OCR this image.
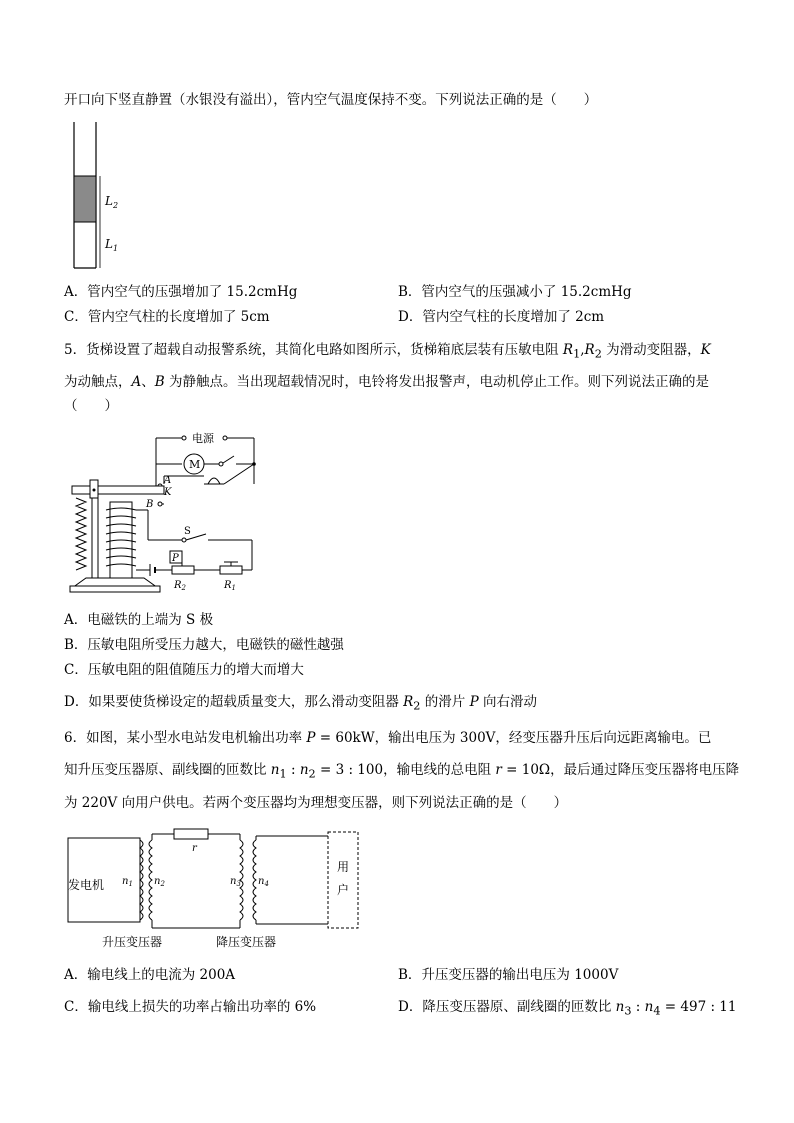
开口向下竖直静置（水银没有溢出），管内空气温度保持不变。下列说法正确的是（　　）
$L_2$
$L_1$
A．管内空气的压强增加了 15.2cmHg	B．管内空气的压强减小了 15.2cmHg
C．管内空气柱的长度增加了 5cm	D．管内空气柱的长度增加了 2cm
5．货梯设置了超载自动报警系统，其简化电路如图所示，货梯箱底层装有压敏电阻 $R_1,R_2$ 为滑动变阻器，K
为动触点，A、B 为静触点。当出现超载情况时，电铃将发出报警声，电动机停止工作。则下列说法正确的是
（　　）
电源
M
A
K
B
S
P
$R_2$	$R_1$
A．电磁铁的上端为 S 极
B．压敏电阻所受压力越大，电磁铁的磁性越强
C．压敏电阻的阻值随压力的增大而增大
D．如果要使货梯设定的超载质量变大，那么滑动变阻器 $R_2$ 的滑片 P 向右滑动
6．如图，某小型水电站发电机输出功率 P = 60kW，输出电压为 300V，经变压器升压后向远距离输电。已
知升压变压器原、副线圈的匝数比 $n_1$ : $n_2 = 3$ : 100，输电线的总电阻 r = 10Ω，最后通过降压变压器将电压降
为 220V 向用户供电。若两个变压器均为理想变压器，则下列说法正确的是（　　）
发电机 $n_1$ $n_2$
r
$n_3$ $n_4$
用
户
升压变压器	降压变压器
A．输电线上的电流为 200A	B．升压变压器的输出电压为 1000V
C．输电线上损失的功率占输出功率的 6%	D．降压变压器原、副线圈的匝数比 $n_3$ : $n_4 = 497$ : 11
